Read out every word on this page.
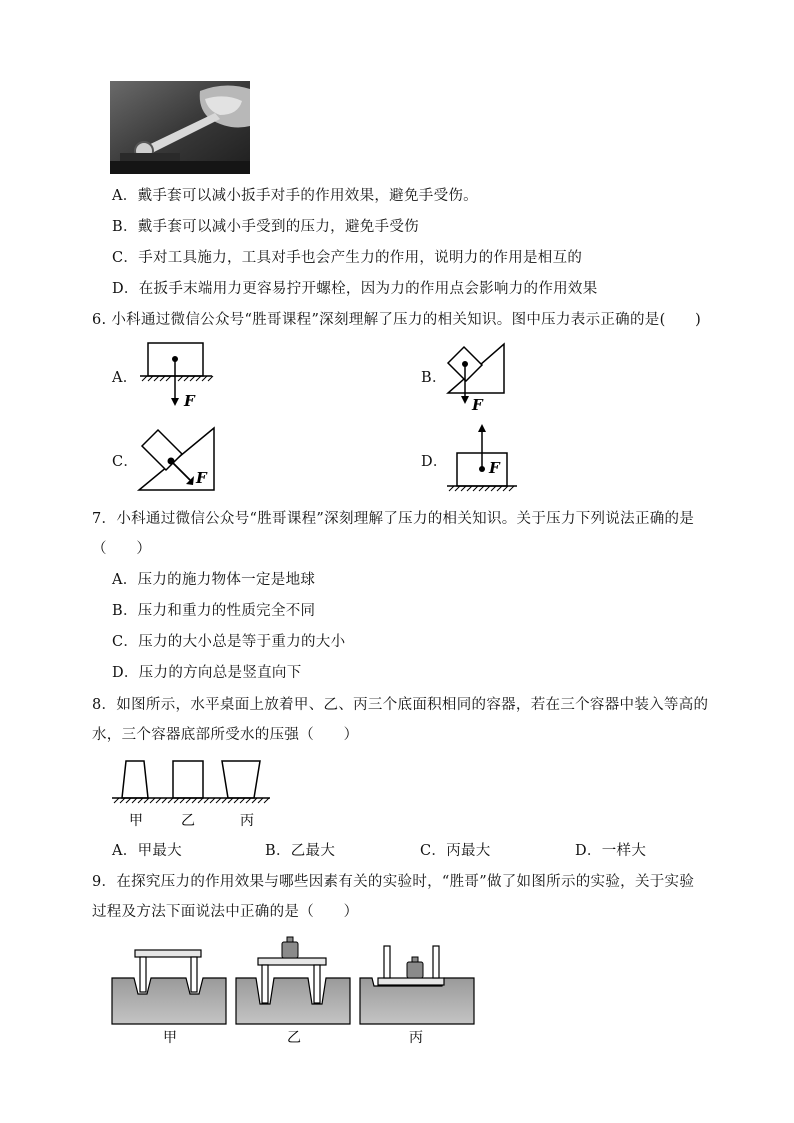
A．戴手套可以减小扳手对手的作用效果，避免手受伤。
B．戴手套可以减小手受到的压力，避免手受伤
C．手对工具施力，工具对手也会产生力的作用，说明力的作用是相互的
D．在扳手末端用力更容易拧开螺栓，因为力的作用点会影响力的作用效果
6. 小科通过微信公众号“胜哥课程”深刻理解了压力的相关知识。图中压力表示正确的是(　　)
A．
F
B．
F
C．
F
D．	F
7．小科通过微信公众号“胜哥课程”深刻理解了压力的相关知识。关于压力下列说法正确的是
（　　）
A．压力的施力物体一定是地球
B．压力和重力的性质完全不同
C．压力的大小总是等于重力的大小
D．压力的方向总是竖直向下
8．如图所示，水平桌面上放着甲、乙、丙三个底面积相同的容器，若在三个容器中装入等高的
水，三个容器底部所受水的压强（　　）
甲	乙	丙
A．甲最大	B．乙最大	C．丙最大	D．一样大
9．在探究压力的作用效果与哪些因素有关的实验时，“胜哥”做了如图所示的实验，关于实验
过程及方法下面说法中正确的是（　　）
甲	乙	丙
